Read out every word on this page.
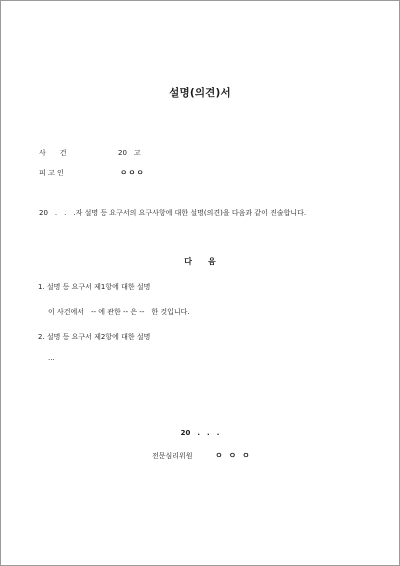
설명(의견)서
사　　건	20　고
피 고 인	ㅇㅇㅇ
20　.　.　.자 설명 등 요구서의 요구사항에 대한 설명(의견)을 다음과 같이 진술합니다.
다　　음
1. 설명 등 요구서 제1항에 대한 설명
이 사건에서　-- 에 관한 -- 은 --　한 것입니다.
2. 설명 등 요구서 제2항에 대한 설명
...
20　.　.　.
전문심리위원	ㅇ ㅇ ㅇ
